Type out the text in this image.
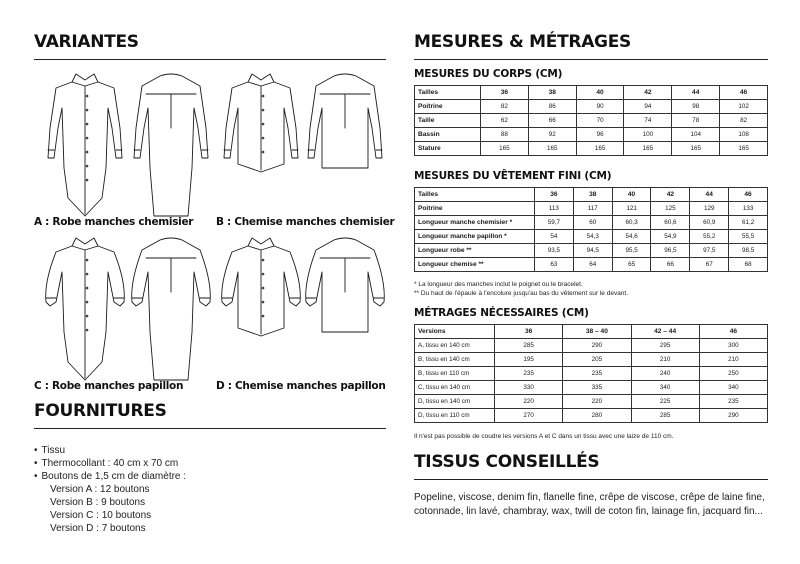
VARIANTES
A : Robe manches chemisier B : Chemise manches chemisier
C : Robe manches papillon	D : Chemise manches papillon
FOURNITURES
• Tissu
• Thermocollant : 40 cm x 70 cm
• Boutons de 1,5 cm de diamètre :
Version A : 12 boutons
Version B : 9 boutons
Version C : 10 boutons
Version D : 7 boutons
MESURES & MÉTRAGES
MESURES DU CORPS (CM)
Tailles	36	38	40	42	44	46
Poitrine	82	86	90	94	98	102
Taille	62	66	70	74	78	82
Bassin	88	92	96	100	104	108
Stature	165	165	165	165	165	165
MESURES DU VÊTEMENT FINI (CM)
Tailles	36	38	40	42	44	46
Poitrine	113	117	121	125	129	133
Longueur manche chemisier *	59,7	60	60,3	60,6	60,9	61,2
Longueur manche papillon *	54	54,3	54,6	54,9	55,2	55,5
Longueur robe **	93,5	94,5	95,5	96,5	97,5	98,5
Longueur chemise **	63	64	65	66	67	68
* La longueur des manches inclut le poignet ou le bracelet.
** Du haut de l'épaule à l'encolure jusqu'au bas du vêtement sur le devant.
MÉTRAGES NÉCESSAIRES (CM)
Versions	36	38 – 40	42 – 44	46
A, tissu en 140 cm	285	290	295	300
B, tissu en 140 cm	195	205	210	210
B, tissu en 110 cm	235	235	240	250
C, tissu en 140 cm	330	335	340	340
D, tissu en 140 cm	220	220	225	235
D, tissu en 110 cm	270	280	285	290
Il n'est pas possible de coudre les versions A et C dans un tissu avec une laize de 110 cm.
TISSUS CONSEILLÉS
Popeline, viscose, denim fin, flanelle fine, crêpe de viscose, crêpe de laine fine, cotonnade, lin lavé, chambray, wax, twill de coton fin, lainage fin, jacquard fin...
